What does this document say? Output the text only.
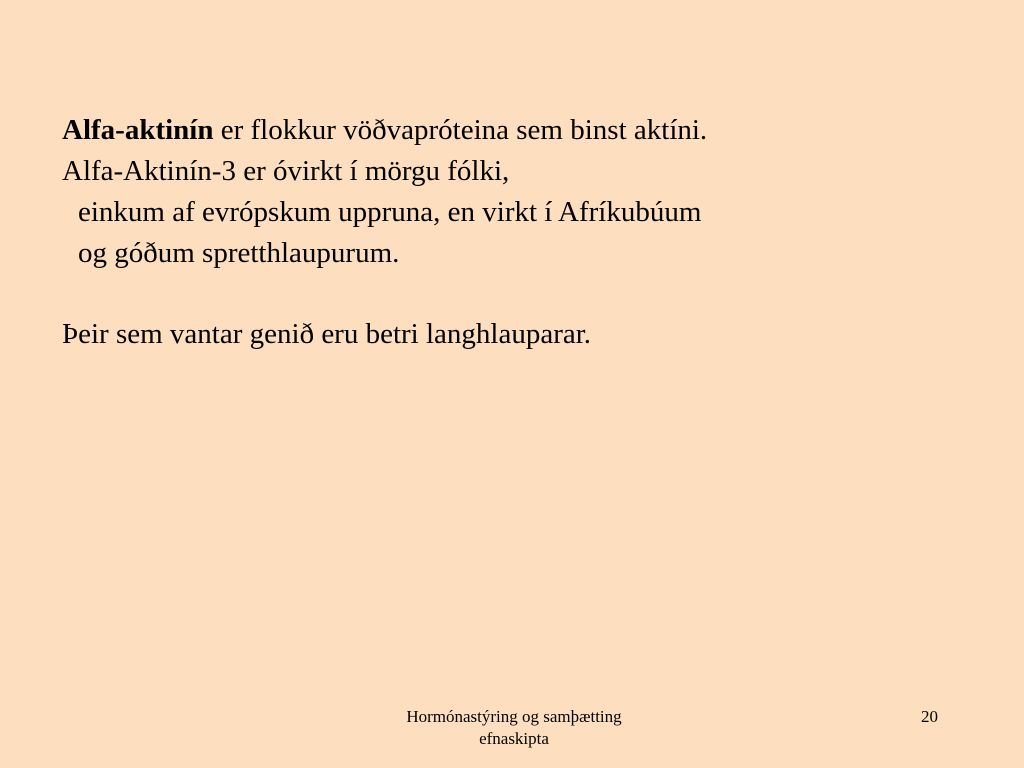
Alfa-aktinín er flokkur vöðvapróteina sem binst aktíni.
Alfa-Aktinín-3 er óvirkt í mörgu fólki,
einkum af evrópskum uppruna, en virkt í Afríkubúum
og góðum spretthlaupurum.
Þeir sem vantar genið eru betri langhlauparar.
Hormónastýring og samþætting
efnaskipta
20
